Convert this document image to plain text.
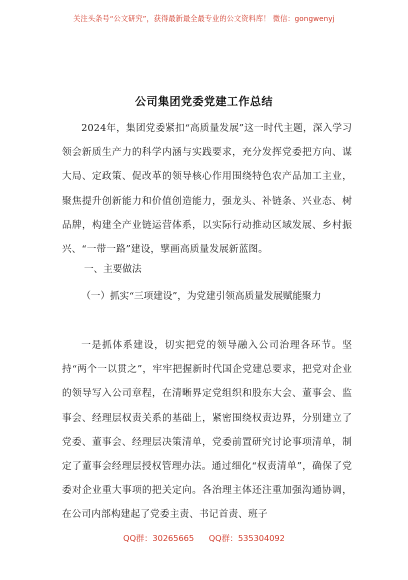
关注头条号“公文研究”，获得最新最全最专业的公文资料库！ 微信：gongwenyj
公司集团党委党建工作总结

2024年，集团党委紧扣“高质量发展”这一时代主题，深入学习领会新质生产力的科学内涵与实践要求，充分发挥党委把方向、谋大局、定政策、促改革的领导核心作用围绕特色农产品加工主业，聚焦提升创新能力和价值创造能力，强龙头、补链条、兴业态、树品牌，构建全产业链运营体系，以实际行动推动区域发展、乡村振兴、“一带一路”建设，擘画高质量发展新蓝图。

一、主要做法
（一）抓实“三项建设”，为党建引领高质量发展赋能聚力

一是抓体系建设，切实把党的领导融入公司治理各环节。坚持“两个一以贯之”，牢牢把握新时代国企党建总要求，把党对企业的领导写入公司章程，在清晰界定党组织和股东大会、董事会、监事会、经理层权责关系的基础上，紧密围绕权责边界，分别建立了党委、董事会、经理层决策清单，党委前置研究讨论事项清单，制定了董事会经理层授权管理办法。通过细化“权责清单”，确保了党委对企业重大事项的把关定向。各治理主体还注重加强沟通协调，在公司内部构建起了党委主责、书记首责、班子

QQ群：30265665 QQ群：535304092
